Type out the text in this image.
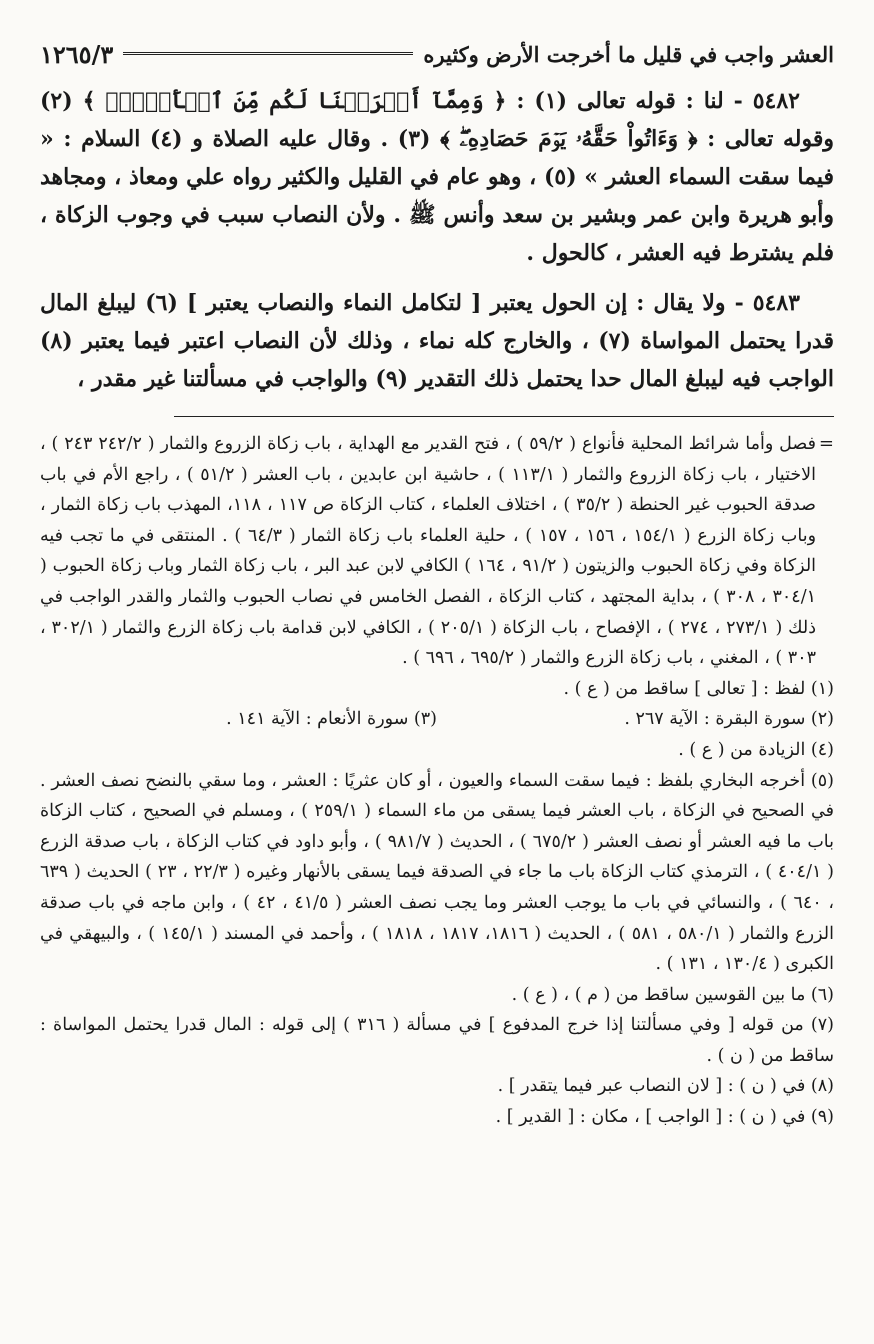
العشر واجب في قليل ما أخرجت الأرض وكثيره
١٢٦٥/٣

٥٤٨٢ - لنا : قوله تعالى (١) : ﴿ وَمِمَّآ أَخۡرَجۡنَا لَكُم مِّنَ ٱلۡأَرۡضِۖ ﴾ (٢) وقوله تعالى : ﴿ وَءَاتُواْ حَقَّهُۥ يَوۡمَ حَصَادِهِۦۖ ﴾ (٣) . وقال عليه الصلاة و (٤) السلام : « فيما سقت السماء العشر » (٥) ، وهو عام في القليل والكثير رواه علي ومعاذ ، ومجاهد وأبو هريرة وابن عمر وبشير بن سعد وأنس ﷺ . ولأن النصاب سبب في وجوب الزكاة ، فلم يشترط فيه العشر ، كالحول .

٥٤٨٣ - ولا يقال : إن الحول يعتبر [ لتكامل النماء والنصاب يعتبر ] (٦) ليبلغ المال قدرا يحتمل المواساة (٧) ، والخارج كله نماء ، وذلك لأن النصاب اعتبر فيما يعتبر (٨) الواجب فيه ليبلغ المال حدا يحتمل ذلك التقدير (٩) والواجب في مسألتنا غير مقدر ،

=
فصل وأما شرائط المحلية فأنواع ( ٥٩/٢ ) ، فتح القدير مع الهداية ، باب زكاة الزروع والثمار ( ٢٤٢/٢ ٢٤٣ ) ، الاختيار ، باب زكاة الزروع والثمار ( ١١٣/١ ) ، حاشية ابن عابدين ، باب العشر ( ٥١/٢ ) ، راجع الأم في باب صدقة الحبوب غير الحنطة ( ٣٥/٢ ) ، اختلاف العلماء ، كتاب الزكاة ص ١١٧ ، ١١٨، المهذب باب زكاة الثمار ، وباب زكاة الزرع ( ١٥٤/١ ، ١٥٦ ، ١٥٧ ) ، حلية العلماء باب زكاة الثمار ( ٦٤/٣ ) . المنتقى في ما تجب فيه الزكاة وفي زكاة الحبوب والزيتون ( ٩١/٢ ، ١٦٤ ) الكافي لابن عبد البر ، باب زكاة الثمار وباب زكاة الحبوب ( ٣٠٤/١ ، ٣٠٨ ) ، بداية المجتهد ، كتاب الزكاة ، الفصل الخامس في نصاب الحبوب والثمار والقدر الواجب في ذلك ( ٢٧٣/١ ، ٢٧٤ ) ، الإفصاح ، باب الزكاة ( ٢٠٥/١ ) ، الكافي لابن قدامة باب زكاة الزرع والثمار ( ٣٠٢/١ ، ٣٠٣ ) ، المغني ، باب زكاة الزرع والثمار ( ٦٩٥/٢ ، ٦٩٦ ) .

(١) لفظ : [ تعالى ] ساقط من ( ع ) .
(٢) سورة البقرة : الآية ٢٦٧ .
(٣) سورة الأنعام : الآية ١٤١ .

(٤) الزيادة من ( ع ) .

(٥) أخرجه البخاري بلفظ : فيما سقت السماء والعيون ، أو كان عثريًا : العشر ، وما سقي بالنضح نصف العشر . في الصحيح في الزكاة ، باب العشر فيما يسقى من ماء السماء ( ٢٥٩/١ ) ، ومسلم في الصحيح ، كتاب الزكاة باب ما فيه العشر أو نصف العشر ( ٦٧٥/٢ ) ، الحديث ( ٩٨١/٧ ) ، وأبو داود في كتاب الزكاة ، باب صدقة الزرع ( ٤٠٤/١ ) ، الترمذي كتاب الزكاة باب ما جاء في الصدقة فيما يسقى بالأنهار وغيره ( ٢٢/٣ ، ٢٣ ) الحديث ( ٦٣٩ ، ٦٤٠ ) ، والنسائي في باب ما يوجب العشر وما يجب نصف العشر ( ٤١/٥ ، ٤٢ ) ، وابن ماجه في باب صدقة الزرع والثمار ( ٥٨٠/١ ، ٥٨١ ) ، الحديث ( ١٨١٦، ١٨١٧ ، ١٨١٨ ) ، وأحمد في المسند ( ١٤٥/١ ) ، والبيهقي في الكبرى ( ١٣٠/٤ ، ١٣١ ) .

(٦) ما بين القوسين ساقط من ( م ) ، ( ع ) .

(٧) من قوله [ وفي مسألتنا إذا خرج المدفوع ] في مسألة ( ٣١٦ ) إلى قوله : المال قدرا يحتمل المواساة : ساقط من ( ن ) .

(٨) في ( ن ) : [ لان النصاب عبر فيما يتقدر ] .

(٩) في ( ن ) : [ الواجب ] ، مكان : [ القدير ] .
